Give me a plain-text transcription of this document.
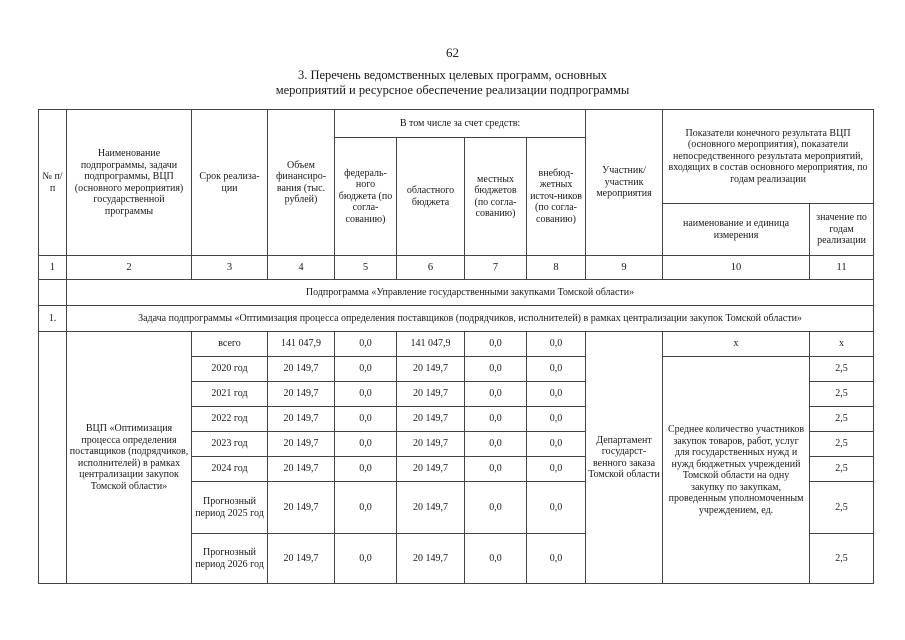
62
3. Перечень ведомственных целевых программ, основных
мероприятий и ресурсное обеспечение реализации подпрограммы
№ п/п	Наименование подпрограммы, задачи подпрограммы, ВЦП (основного мероприятия) государственной программы	Срок реализа-ции	Объем финансиро-вания (тыс. рублей)	В том числе за счет средств:				Участник/ участник мероприятия	Показатели конечного результата ВЦП (основного мероприятия), показатели непосредственного результата мероприятий, входящих в состав основного мероприятия, по годам реализации	
				федераль-ного бюджета (по согла-сованию)	областного бюджета	местных бюджетов (по согла-сованию)	внебюд-жетных источ-ников (по согла-сованию)			
									наименование и единица измерения	значение по годам реализации
1	2	3	4	5	6	7	8	9	10	11
	Подпрограмма «Управление государственными закупками Томской области»									
1.	Задача подпрограммы «Оптимизация процесса определения поставщиков (подрядчиков, исполнителей) в рамках централизации закупок Томской области»									
	ВЦП «Оптимизация процесса определения поставщиков (подрядчиков, исполнителей) в рамках централизации закупок Томской области»	всего	141 047,9	0,0	141 047,9	0,0	0,0	Департамент государст-венного заказа Томской области	x	x
		2020 год	20 149,7	0,0	20 149,7	0,0	0,0		Среднее количество участников закупок товаров, работ, услуг для государственных нужд и нужд бюджетных учреждений Томской области на одну закупку по закупкам, проведенным уполномоченным учреждением, ед.	2,5
		2021 год	20 149,7	0,0	20 149,7	0,0	0,0			2,5
		2022 год	20 149,7	0,0	20 149,7	0,0	0,0			2,5
		2023 год	20 149,7	0,0	20 149,7	0,0	0,0			2,5
		2024 год	20 149,7	0,0	20 149,7	0,0	0,0			2,5
		Прогнозный период 2025 год	20 149,7	0,0	20 149,7	0,0	0,0			2,5
		Прогнозный период 2026 год	20 149,7	0,0	20 149,7	0,0	0,0			2,5
